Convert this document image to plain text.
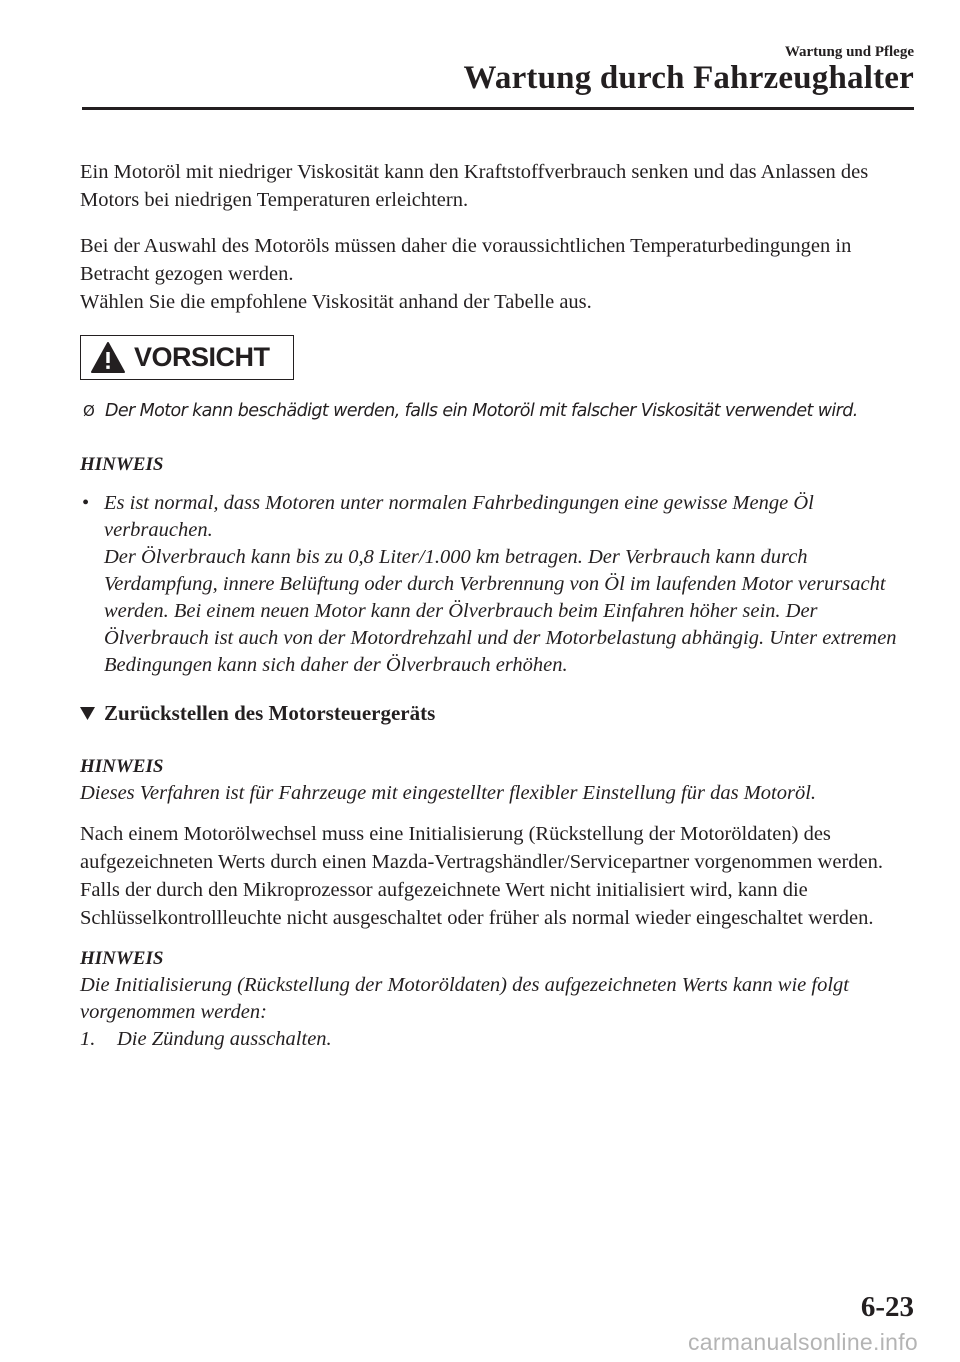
Wartung und Pflege
Wartung durch Fahrzeughalter

Ein Motoröl mit niedriger Viskosität kann den Kraftstoffverbrauch senken und das Anlassen des Motors bei niedrigen Temperaturen erleichtern.

Bei der Auswahl des Motoröls müssen daher die voraussichtlichen Temperaturbedingungen in Betracht gezogen werden.

Wählen Sie die empfohlene Viskosität anhand der Tabelle aus.

VORSICHT
Ø Der Motor kann beschädigt werden, falls ein Motoröl mit falscher Viskosität verwendet wird.
HINWEIS
• Es ist normal, dass Motoren unter normalen Fahrbedingungen eine gewisse Menge Öl verbrauchen.
Der Ölverbrauch kann bis zu 0,8 Liter/1.000 km betragen. Der Verbrauch kann durch Verdampfung, innere Belüftung oder durch Verbrennung von Öl im laufenden Motor verursacht werden. Bei einem neuen Motor kann der Ölverbrauch beim Einfahren höher sein. Der Ölverbrauch ist auch von der Motordrehzahl und der Motorbelastung abhängig. Unter extremen Bedingungen kann sich daher der Ölverbrauch erhöhen.
Zurückstellen des Motorsteuergeräts
HINWEIS
Dieses Verfahren ist für Fahrzeuge mit eingestellter flexibler Einstellung für das Motoröl.

Nach einem Motorölwechsel muss eine Initialisierung (Rückstellung der Motoröldaten) des aufgezeichneten Werts durch einen Mazda-Vertragshändler/Servicepartner vorgenommen werden. Falls der durch den Mikroprozessor aufgezeichnete Wert nicht initialisiert wird, kann die Schlüsselkontrollleuchte nicht ausgeschaltet oder früher als normal wieder eingeschaltet werden.

HINWEIS
Die Initialisierung (Rückstellung der Motoröldaten) des aufgezeichneten Werts kann wie folgt vorgenommen werden:
1.	Die Zündung ausschalten.
6-23
carmanualsonline.info
